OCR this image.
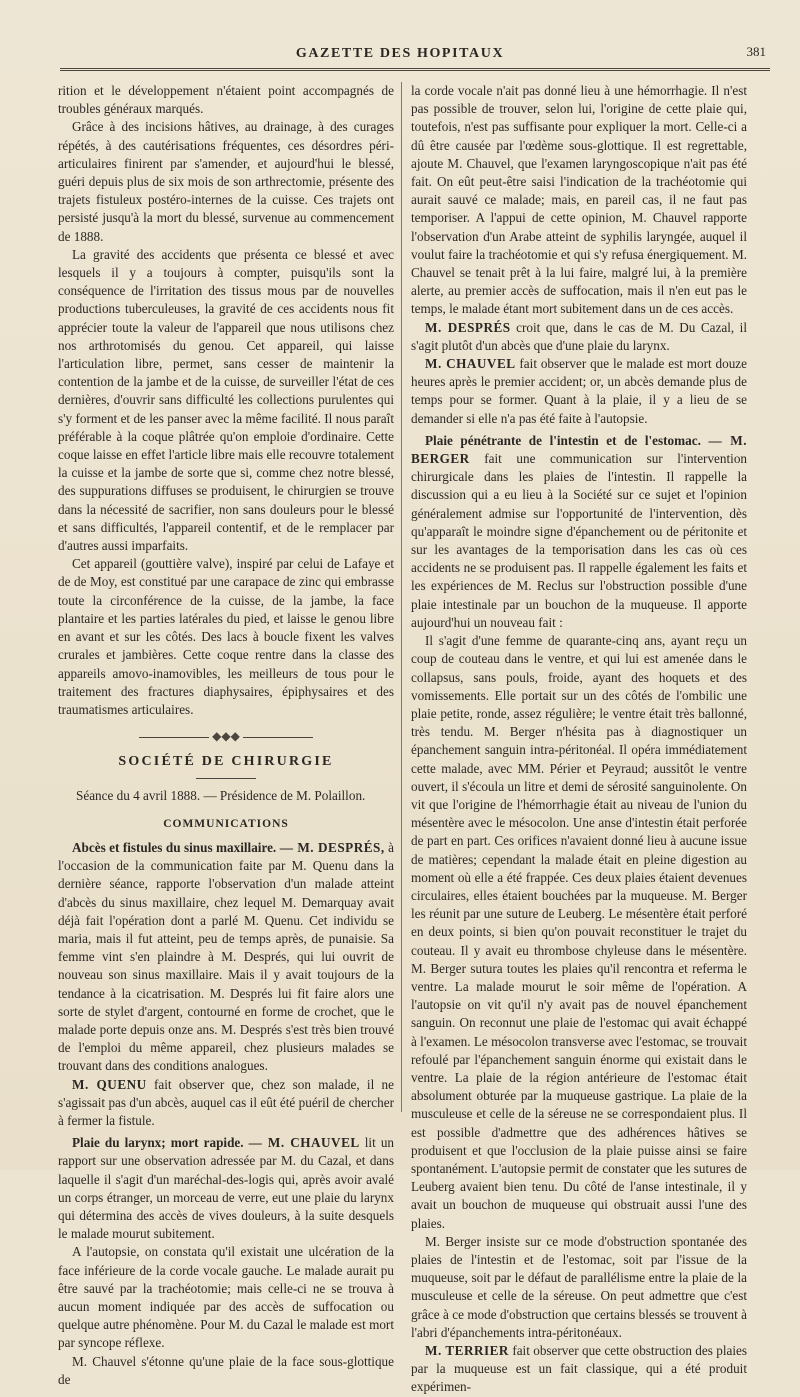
GAZETTE DES HOPITAUX	381

rition et le développement n'étaient point accompagnés de troubles généraux marqués.

Grâce à des incisions hâtives, au drainage, à des curages répétés, à des cautérisations fréquentes, ces désordres péri-articulaires finirent par s'amender, et aujourd'hui le blessé, guéri depuis plus de six mois de son arthrectomie, présente des trajets fistuleux postéro-internes de la cuisse. Ces trajets ont persisté jusqu'à la mort du blessé, survenue au commencement de 1888.

La gravité des accidents que présenta ce blessé et avec lesquels il y a toujours à compter, puisqu'ils sont la conséquence de l'irritation des tissus mous par de nouvelles productions tuberculeuses, la gravité de ces accidents nous fit apprécier toute la valeur de l'appareil que nous utilisons chez nos arthrotomisés du genou. Cet appareil, qui laisse l'articulation libre, permet, sans cesser de maintenir la contention de la jambe et de la cuisse, de surveiller l'état de ces dernières, d'ouvrir sans difficulté les collections purulentes qui s'y forment et de les panser avec la même facilité. Il nous paraît préférable à la coque plâtrée qu'on emploie d'ordinaire. Cette coque laisse en effet l'article libre mais elle recouvre totalement la cuisse et la jambe de sorte que si, comme chez notre blessé, des suppurations diffuses se produisent, le chirurgien se trouve dans la nécessité de sacrifier, non sans douleurs pour le blessé et sans difficultés, l'appareil contentif, et de le remplacer par d'autres aussi imparfaits.

Cet appareil (gouttière valve), inspiré par celui de Lafaye et de de Moy, est constitué par une carapace de zinc qui embrasse toute la circonférence de la cuisse, de la jambe, la face plantaire et les parties latérales du pied, et laisse le genou libre en avant et sur les côtés. Des lacs à boucle fixent les valves crurales et jambières. Cette coque rentre dans la classe des appareils amovo-inamovibles, les meilleurs de tous pour le traitement des fractures diaphysaires, épiphysaires et des traumatismes articulaires.

◆◆◆
SOCIÉTÉ DE CHIRURGIE

Séance du 4 avril 1888. — Présidence de M. Polaillon.

COMMUNICATIONS

Abcès et fistules du sinus maxillaire. — M. DESPRÉS, à l'occasion de la communication faite par M. Quenu dans la dernière séance, rapporte l'observation d'un malade atteint d'abcès du sinus maxillaire, chez lequel M. Demarquay avait déjà fait l'opération dont a parlé M. Quenu. Cet individu se maria, mais il fut atteint, peu de temps après, de punaisie. Sa femme vint s'en plaindre à M. Després, qui lui ouvrit de nouveau son sinus maxillaire. Mais il y avait toujours de la tendance à la cicatrisation. M. Després lui fit faire alors une sorte de stylet d'argent, contourné en forme de crochet, que le malade porte depuis onze ans. M. Després s'est très bien trouvé de l'emploi du même appareil, chez plusieurs malades se trouvant dans des conditions analogues.

M. QUENU fait observer que, chez son malade, il ne s'agissait pas d'un abcès, auquel cas il eût été puéril de chercher à fermer la fistule.

Plaie du larynx; mort rapide. — M. CHAUVEL lit un rapport sur une observation adressée par M. du Cazal, et dans laquelle il s'agit d'un maréchal-des-logis qui, après avoir avalé un corps étranger, un morceau de verre, eut une plaie du larynx qui détermina des accès de vives douleurs, à la suite desquels le malade mourut subitement.

A l'autopsie, on constata qu'il existait une ulcération de la face inférieure de la corde vocale gauche. Le malade aurait pu être sauvé par la trachéotomie; mais celle-ci ne se trouva à aucun moment indiquée par des accès de suffocation ou quelque autre phénomène. Pour M. du Cazal le malade est mort par syncope réflexe.

M. Chauvel s'étonne qu'une plaie de la face sous-glottique de

la corde vocale n'ait pas donné lieu à une hémorrhagie. Il n'est pas possible de trouver, selon lui, l'origine de cette plaie qui, toutefois, n'est pas suffisante pour expliquer la mort. Celle-ci a dû être causée par l'œdème sous-glottique. Il est regrettable, ajoute M. Chauvel, que l'examen laryngoscopique n'ait pas été fait. On eût peut-être saisi l'indication de la trachéotomie qui aurait sauvé ce malade; mais, en pareil cas, il ne faut pas temporiser. A l'appui de cette opinion, M. Chauvel rapporte l'observation d'un Arabe atteint de syphilis laryngée, auquel il voulut faire la trachéotomie et qui s'y refusa énergiquement. M. Chauvel se tenait prêt à la lui faire, malgré lui, à la première alerte, au premier accès de suffocation, mais il n'en eut pas le temps, le malade étant mort subitement dans un de ces accès.

M. DESPRÉS croit que, dans le cas de M. Du Cazal, il s'agit plutôt d'un abcès que d'une plaie du larynx.

M. CHAUVEL fait observer que le malade est mort douze heures après le premier accident; or, un abcès demande plus de temps pour se former. Quant à la plaie, il y a lieu de se demander si elle n'a pas été faite à l'autopsie.

Plaie pénétrante de l'intestin et de l'estomac. — M. BERGER fait une communication sur l'intervention chirurgicale dans les plaies de l'intestin. Il rappelle la discussion qui a eu lieu à la Société sur ce sujet et l'opinion généralement admise sur l'opportunité de l'intervention, dès qu'apparaît le moindre signe d'épanchement ou de péritonite et sur les avantages de la temporisation dans les cas où ces accidents ne se produisent pas. Il rappelle également les faits et les expériences de M. Reclus sur l'obstruction possible d'une plaie intestinale par un bouchon de la muqueuse. Il apporte aujourd'hui un nouveau fait :

Il s'agit d'une femme de quarante-cinq ans, ayant reçu un coup de couteau dans le ventre, et qui lui est amenée dans le collapsus, sans pouls, froide, ayant des hoquets et des vomissements. Elle portait sur un des côtés de l'ombilic une plaie petite, ronde, assez régulière; le ventre était très ballonné, très tendu. M. Berger n'hésita pas à diagnostiquer un épanchement sanguin intra-péritonéal. Il opéra immédiatement cette malade, avec MM. Périer et Peyraud; aussitôt le ventre ouvert, il s'écoula un litre et demi de sérosité sanguinolente. On vit que l'origine de l'hémorrhagie était au niveau de l'union du mésentère avec le mésocolon. Une anse d'intestin était perforée de part en part. Ces orifices n'avaient donné lieu à aucune issue de matières; cependant la malade était en pleine digestion au moment où elle a été frappée. Ces deux plaies étaient devenues circulaires, elles étaient bouchées par la muqueuse. M. Berger les réunit par une suture de Leuberg. Le mésentère était perforé en deux points, si bien qu'on pouvait reconstituer le trajet du couteau. Il y avait eu thrombose chyleuse dans le mésentère. M. Berger sutura toutes les plaies qu'il rencontra et referma le ventre. La malade mourut le soir même de l'opération. A l'autopsie on vit qu'il n'y avait pas de nouvel épanchement sanguin. On reconnut une plaie de l'estomac qui avait échappé à l'examen. Le mésocolon transverse avec l'estomac, se trouvait refoulé par l'épanchement sanguin énorme qui existait dans le ventre. La plaie de la région antérieure de l'estomac était absolument obturée par la muqueuse gastrique. La plaie de la musculeuse et celle de la séreuse ne se correspondaient plus. Il est possible d'admettre que des adhérences hâtives se produisent et que l'occlusion de la plaie puisse ainsi se faire spontanément. L'autopsie permit de constater que les sutures de Leuberg avaient bien tenu. Du côté de l'anse intestinale, il y avait un bouchon de muqueuse qui obstruait aussi l'une des plaies.

M. Berger insiste sur ce mode d'obstruction spontanée des plaies de l'intestin et de l'estomac, soit par l'issue de la muqueuse, soit par le défaut de parallélisme entre la plaie de la musculeuse et celle de la séreuse. On peut admettre que c'est grâce à ce mode d'obstruction que certains blessés se trouvent à l'abri d'épanchements intra-péritonéaux.

M. TERRIER fait observer que cette obstruction des plaies par la muqueuse est un fait classique, qui a été produit expérimen-
